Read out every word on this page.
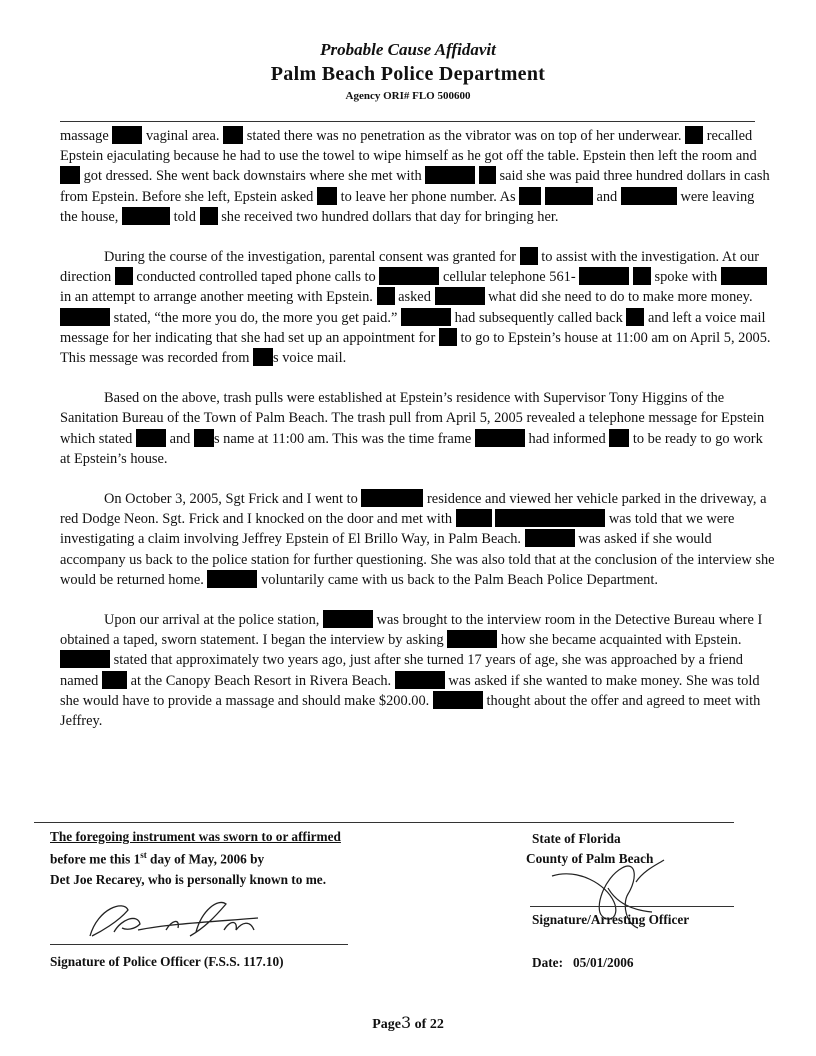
Probable Cause Affidavit
Palm Beach Police Department
Agency ORI# FLO 500600

massage	vaginal area. stated there was no penetration as the vibrator was on top of her underwear. recalled Epstein ejaculating because he had to use the towel to wipe himself as he got off the table. Epstein then left the room and  got dressed. She went back downstairs where she met with	said she was paid three hundred dollars in cash from Epstein. Before she left, Epstein asked to leave her phone number. As	and	were leaving the house,	told she received two hundred dollars that day for bringing her.

During the course of the investigation, parental consent was granted for to assist with the investigation. At our direction conducted controlled taped phone calls to	cellular telephone 561-	spoke with  in an attempt to arrange another meeting with Epstein. asked	what did she need to do to make more money.  stated, “the more you do, the more you get paid.”	had subsequently called back and left a voice mail message for her indicating that she had set up an appointment for to go to Epstein’s house at 11:00 am on April 5, 2005. This message was recorded from s voice mail.

Based on the above, trash pulls were established at Epstein’s residence with Supervisor Tony Higgins of the Sanitation Bureau of the Town of Palm Beach. The trash pull from April 5, 2005 revealed a telephone message for Epstein which stated	and s name at 11:00 am. This was the time frame	had informed to be ready to go work at Epstein’s house.

On October 3, 2005, Sgt Frick and I went to	residence and viewed her vehicle parked in the driveway, a red Dodge Neon. Sgt. Frick and I knocked on the door and met with	was told that we were investigating a claim involving Jeffrey Epstein of El Brillo Way, in Palm Beach.	was asked if she would accompany us back to the police station for further questioning. She was also told that at the conclusion of the interview she would be returned home.	voluntarily came with us back to the Palm Beach Police Department.

Upon our arrival at the police station,	was brought to the interview room in the Detective Bureau where I obtained a taped, sworn statement. I began the interview by asking	how she became acquainted with Epstein.  stated that approximately two years ago, just after she turned 17 years of age, she was approached by a friend named at the Canopy Beach Resort in Rivera Beach.	was asked if she wanted to make money. She was told she would have to provide a massage and should make $200.00.	thought about the offer and agreed to meet with Jeffrey.

The foregoing instrument was sworn to or affirmed
before me this 1st day of May, 2006 by
Det Joe Recarey, who is personally known to me.
Signature of Police Officer (F.S.S. 117.10)
State of Florida
County of Palm Beach
Signature/Arresting Officer
Date: 05/01/2006
Page3 of 22
